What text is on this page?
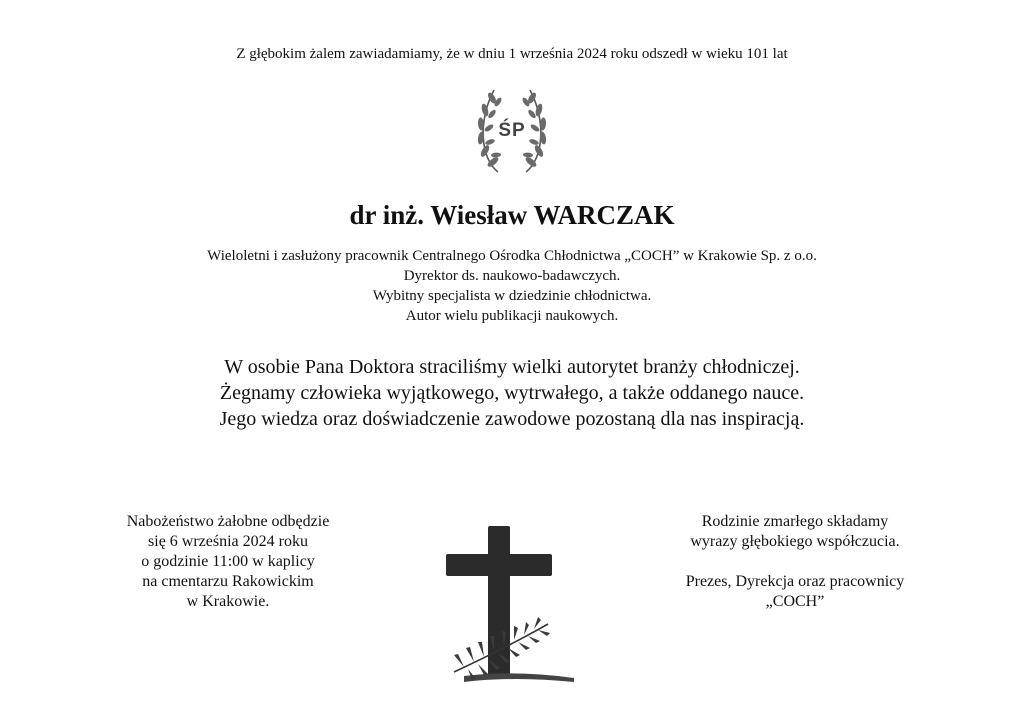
Z głębokim żalem zawiadamiamy, że w dniu 1 września 2024 roku odszedł w wieku 101 lat
ŚP
dr inż. Wiesław WARCZAK
Wieloletni i zasłużony pracownik Centralnego Ośrodka Chłodnictwa „COCH” w Krakowie Sp. z o.o.
Dyrektor ds. naukowo-badawczych.
Wybitny specjalista w dziedzinie chłodnictwa.
Autor wielu publikacji naukowych.
W osobie Pana Doktora straciliśmy wielki autorytet branży chłodniczej.
Żegnamy człowieka wyjątkowego, wytrwałego, a także oddanego nauce.
Jego wiedza oraz doświadczenie zawodowe pozostaną dla nas inspiracją.
Nabożeństwo żałobne odbędzie
się 6 września 2024 roku
o godzinie 11:00 w kaplicy
na cmentarzu Rakowickim
w Krakowie.
Rodzinie zmarłego składamy
wyrazy głębokiego współczucia.
Prezes, Dyrekcja oraz pracownicy
„COCH”
